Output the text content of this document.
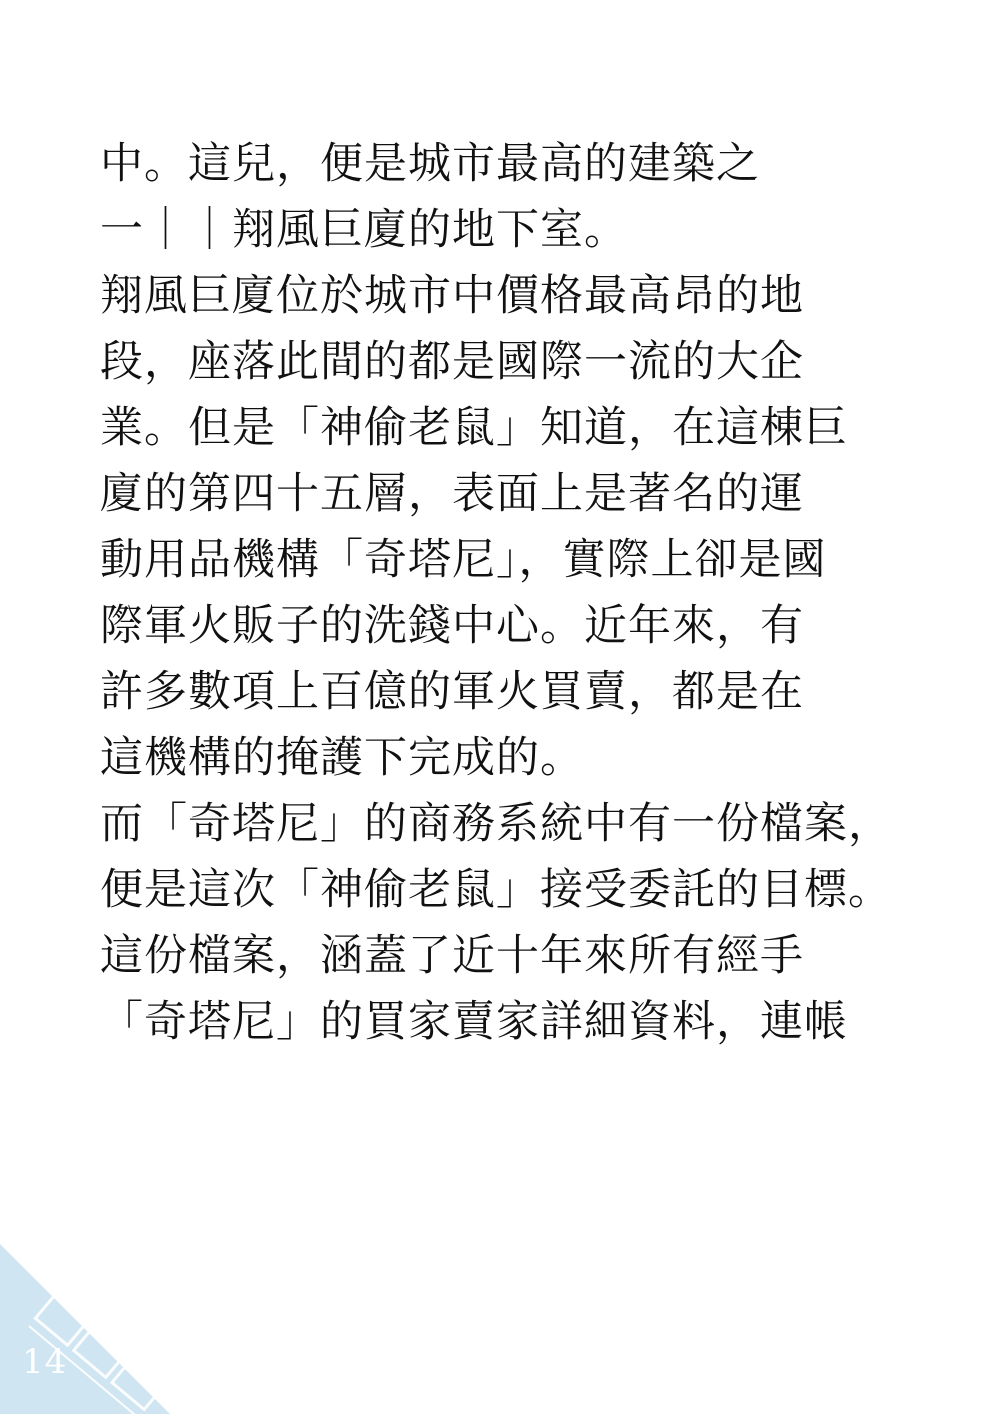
中。這兒，便是城市最高的建築之
一｜｜翔風巨廈的地下室。
翔風巨廈位於城市中價格最高昂的地
段，座落此間的都是國際一流的大企
業。但是「神偷老鼠」知道，在這棟巨
廈的第四十五層，表面上是著名的運
動用品機構「奇塔尼」，實際上卻是國
際軍火販子的洗錢中心。近年來，有
許多數項上百億的軍火買賣，都是在
這機構的掩護下完成的。
而「奇塔尼」的商務系統中有一份檔案，
便是這次「神偷老鼠」接受委託的目標。
這份檔案，涵蓋了近十年來所有經手
「奇塔尼」的買家賣家詳細資料，連帳
14
